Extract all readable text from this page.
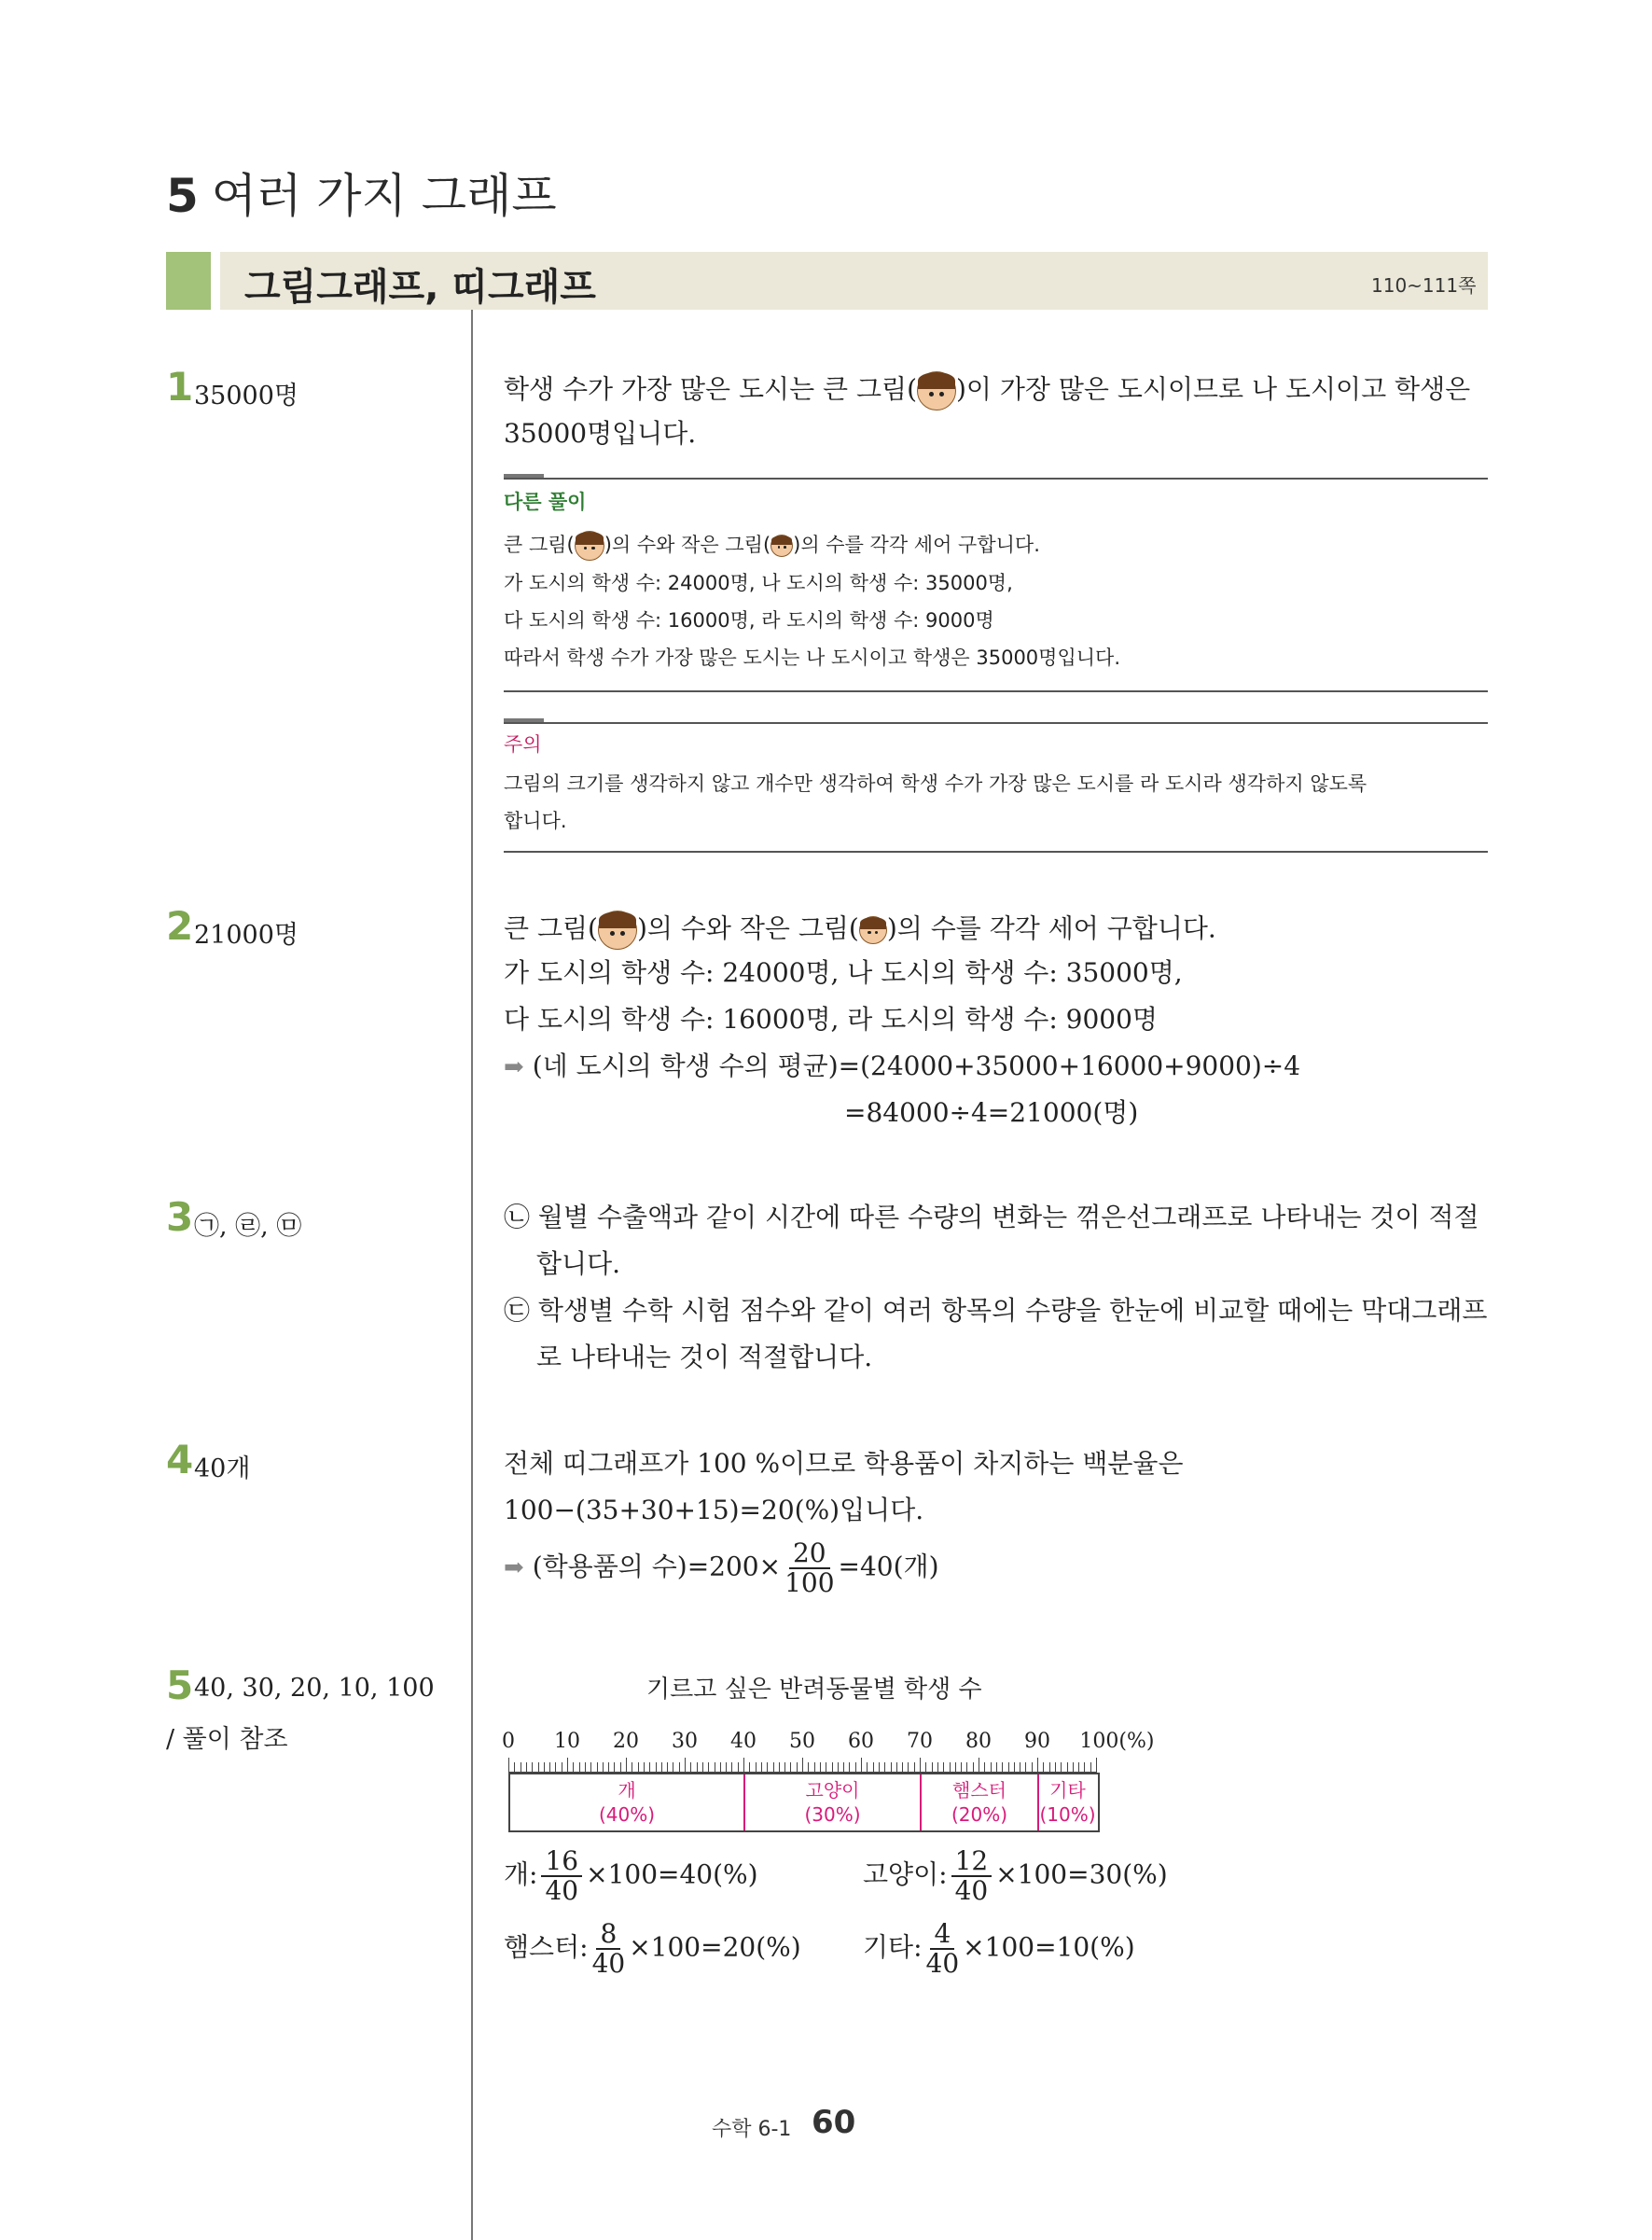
5 여러 가지 그래프
그림그래프, 띠그래프	110~111쪽
1 35000명	학생 수가 가장 많은 도시는 큰 그림( )이 가장 많은 도시이므로 나 도시이고 학생은
35000명입니다.
다른 풀이
큰 그림( )의 수와 작은 그림( )의 수를 각각 세어 구합니다.
가 도시의 학생 수: 24000명, 나 도시의 학생 수: 35000명,
다 도시의 학생 수: 16000명, 라 도시의 학생 수: 9000명
따라서 학생 수가 가장 많은 도시는 나 도시이고 학생은 35000명입니다.
주의
그림의 크기를 생각하지 않고 개수만 생각하여 학생 수가 가장 많은 도시를 라 도시라 생각하지 않도록
합니다.
2 21000명	큰 그림( )의 수와 작은 그림( )의 수를 각각 세어 구합니다.
가 도시의 학생 수: 24000명, 나 도시의 학생 수: 35000명,
다 도시의 학생 수: 16000명, 라 도시의 학생 수: 9000명
➡ (네 도시의 학생 수의 평균)=(24000+35000+16000+9000)÷4
=84000÷4=21000(명)
3 ㉠, ㉣, ㉤	㉡ 월별 수출액과 같이 시간에 따른 수량의 변화는 꺾은선그래프로 나타내는 것이 적절
합니다.
㉢ 학생별 수학 시험 점수와 같이 여러 항목의 수량을 한눈에 비교할 때에는 막대그래프
로 나타내는 것이 적절합니다.
4 40개	전체 띠그래프가 100 %이므로 학용품이 차지하는 백분율은
100−(35+30+15)=20(%)입니다.
➡ (학용품의 수)$=200\times \frac{20}{100} =40$(개)
5 40, 30, 20, 10, 100
/ 풀이 참조
기르고 싶은 반려동물별 학생 수
0 10 20 30 40 50 60 70 80 90 100(%)
개
(40%)
고양이
(30%)
햄스터
(20%)
기타
(10%)
개: $\frac{16}{40} \times 100=40(\%)$	고양이: $\frac{12}{40} \times 100=30(\%)$
햄스터: $\frac{8}{40} \times 100=20(\%)$ 기타: $\frac{4}{40} \times 100=10(\%)$
수학 6-1 60
